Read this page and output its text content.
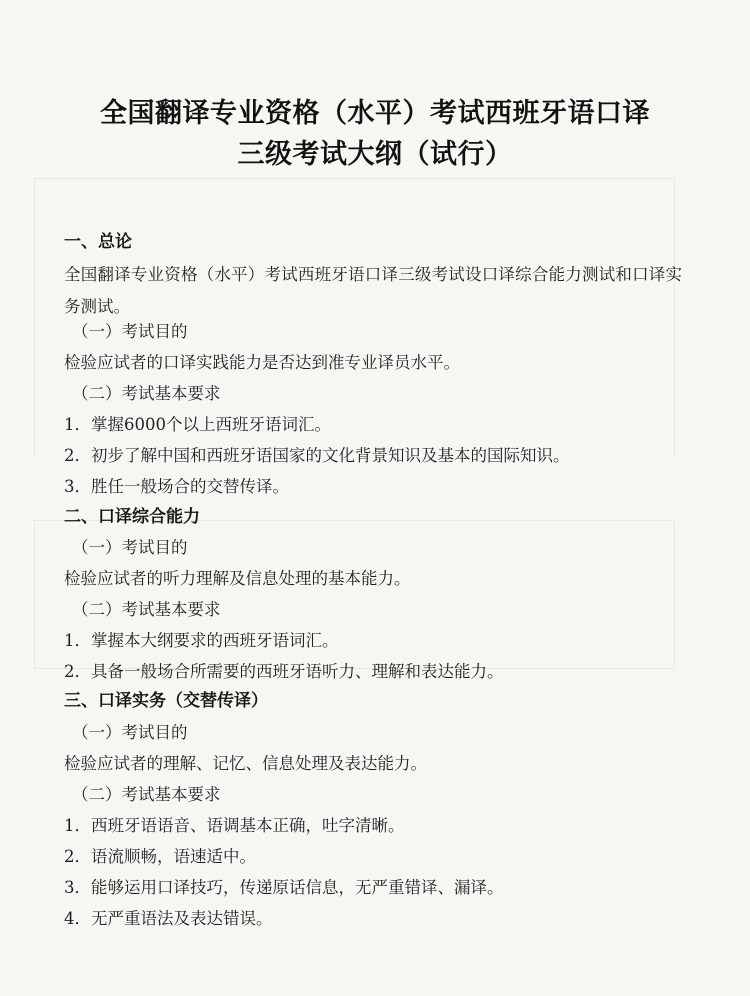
全国翻译专业资格（水平）考试西班牙语口译
三级考试大纲（试行）
一、总论
全国翻译专业资格（水平）考试西班牙语口译三级考试设口译综合能力测试和口译实务测试。
（一）考试目的
检验应试者的口译实践能力是否达到准专业译员水平。
（二）考试基本要求
1．掌握6000个以上西班牙语词汇。
2．初步了解中国和西班牙语国家的文化背景知识及基本的国际知识。
3．胜任一般场合的交替传译。
二、口译综合能力
（一）考试目的
检验应试者的听力理解及信息处理的基本能力。
（二）考试基本要求
1．掌握本大纲要求的西班牙语词汇。
2．具备一般场合所需要的西班牙语听力、理解和表达能力。
三、口译实务（交替传译）
（一）考试目的
检验应试者的理解、记忆、信息处理及表达能力。
（二）考试基本要求
1．西班牙语语音、语调基本正确，吐字清晰。
2．语流顺畅，语速适中。
3．能够运用口译技巧，传递原话信息，无严重错译、漏译。
4．无严重语法及表达错误。
